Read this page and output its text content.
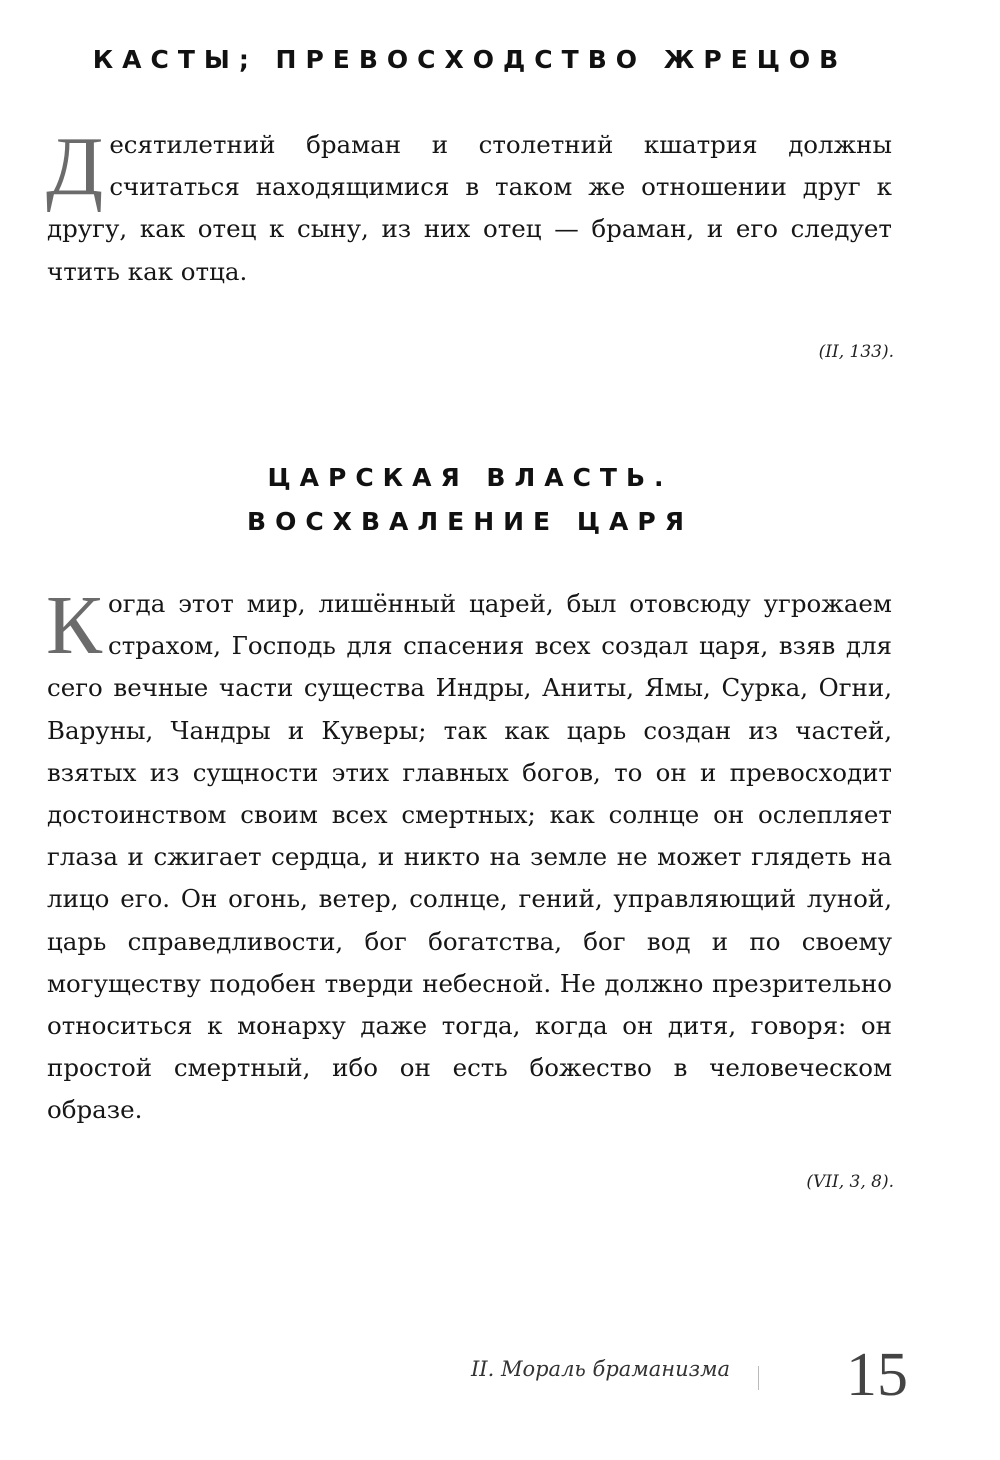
КАСТЫ; ПРЕВОСХОДСТВО ЖРЕЦОВ
Десятилетний браман и столетний кшатрия должны считаться находящимися в таком же отношении друг к другу, как отец к сыну, из них отец — браман, и его следует чтить как отца.
(II, 133).
ЦАРСКАЯ ВЛАСТЬ.
ВОСХВАЛЕНИЕ ЦАРЯ
Когда этот мир, лишённый царей, был отовсюду угрожаем страхом, Господь для спасения всех создал царя, взяв для сего вечные части существа Индры, Аниты, Ямы, Сурка, Огни, Варуны, Чандры и Куверы; так как царь создан из частей, взятых из сущности этих главных богов, то он и превосходит достоинством своим всех смертных; как солнце он ослепляет глаза и сжигает сердца, и никто на земле не может глядеть на лицо его. Он огонь, ветер, солнце, гений, управляющий луной, царь справедливости, бог богатства, бог вод и по своему могуществу подобен тверди небесной. Не должно презрительно относиться к монарху даже тогда, когда он дитя, говоря: он простой смертный, ибо он есть божество в человеческом образе.
(VII, 3, 8).
II. Мораль браманизма 15
